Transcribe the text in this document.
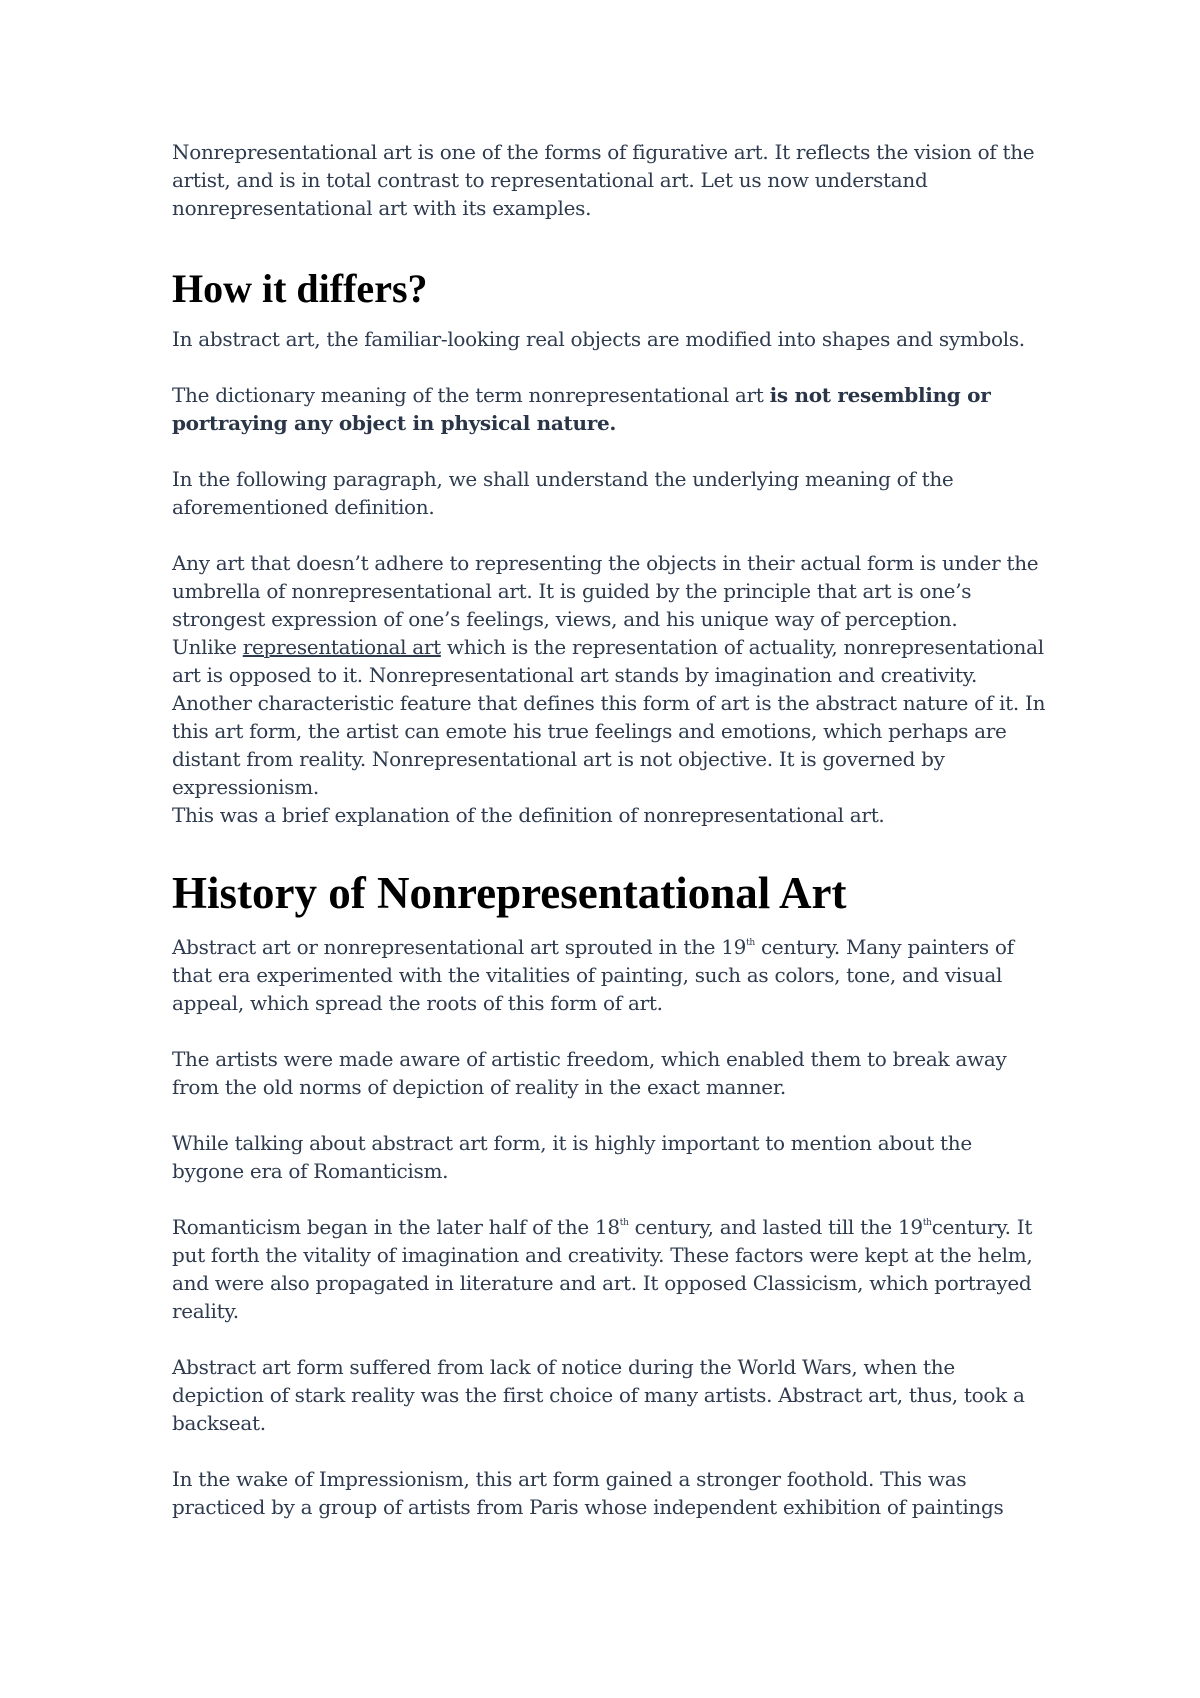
Nonrepresentational art is one of the forms of figurative art. It reflects the vision of the artist, and is in total contrast to representational art. Let us now understand nonrepresentational art with its examples.

How it differs?

In abstract art, the familiar-looking real objects are modified into shapes and symbols.

The dictionary meaning of the term nonrepresentational art is not resembling or portraying any object in physical nature.

In the following paragraph, we shall understand the underlying meaning of the aforementioned definition.

Any art that doesn’t adhere to representing the objects in their actual form is under the umbrella of nonrepresentational art. It is guided by the principle that art is one’s strongest expression of one’s feelings, views, and his unique way of perception.

Unlike representational art which is the representation of actuality, nonrepresentational art is opposed to it. Nonrepresentational art stands by imagination and creativity.

Another characteristic feature that defines this form of art is the abstract nature of it. In this art form, the artist can emote his true feelings and emotions, which perhaps are distant from reality. Nonrepresentational art is not objective. It is governed by expressionism.

This was a brief explanation of the definition of nonrepresentational art.

History of Nonrepresentational Art

Abstract art or nonrepresentational art sprouted in the 19th century. Many painters of that era experimented with the vitalities of painting, such as colors, tone, and visual appeal, which spread the roots of this form of art.

The artists were made aware of artistic freedom, which enabled them to break away from the old norms of depiction of reality in the exact manner.

While talking about abstract art form, it is highly important to mention about the bygone era of Romanticism.

Romanticism began in the later half of the 18th century, and lasted till the 19thcentury. It put forth the vitality of imagination and creativity. These factors were kept at the helm, and were also propagated in literature and art. It opposed Classicism, which portrayed reality.

Abstract art form suffered from lack of notice during the World Wars, when the depiction of stark reality was the first choice of many artists. Abstract art, thus, took a backseat.

In the wake of Impressionism, this art form gained a stronger foothold. This was practiced by a group of artists from Paris whose independent exhibition of paintings
